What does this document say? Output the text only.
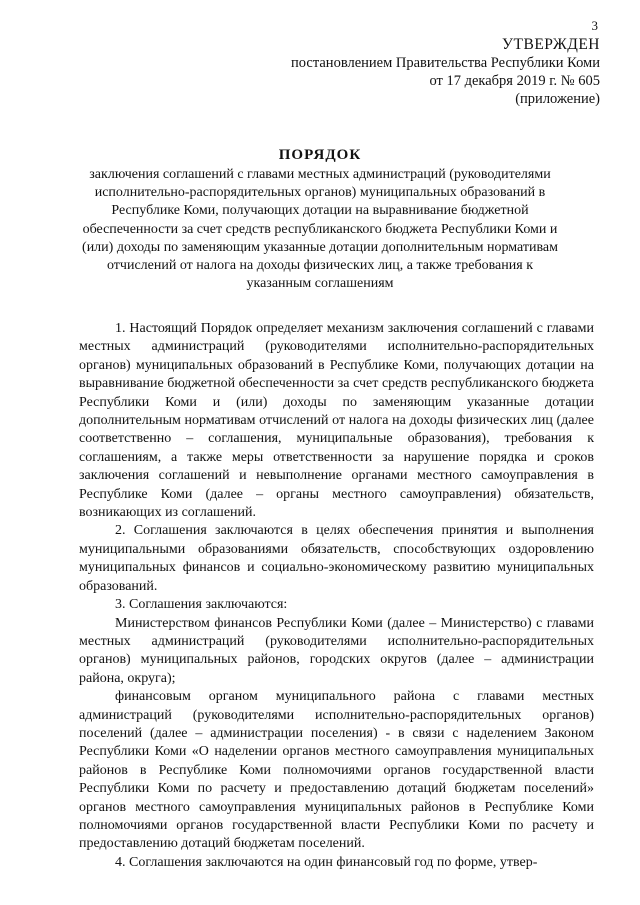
3
УТВЕРЖДЕН
постановлением Правительства Республики Коми
от 17 декабря 2019 г. № 605
(приложение)
ПОРЯДОК
заключения соглашений с главами местных администраций (руководителями исполнительно-распорядительных органов) муниципальных образований в Республике Коми, получающих дотации на выравнивание бюджетной обеспеченности за счет средств республиканского бюджета Республики Коми и (или) доходы по заменяющим указанные дотации дополнительным нормативам отчислений от налога на доходы физических лиц, а также требования к указанным соглашениям

1. Настоящий Порядок определяет механизм заключения соглашений с главами местных администраций (руководителями исполнительно-распорядительных органов) муниципальных образований в Республике Коми, получающих дотации на выравнивание бюджетной обеспеченности за счет средств республиканского бюджета Республики Коми и (или) доходы по заменяющим указанные дотации дополнительным нормативам отчислений от налога на доходы физических лиц (далее соответственно – соглашения, муниципальные образования), требования к соглашениям, а также меры ответственности за нарушение порядка и сроков заключения соглашений и невыполнение органами местного самоуправления в Республике Коми (далее – органы местного самоуправления) обязательств, возникающих из соглашений.

2. Соглашения заключаются в целях обеспечения принятия и выполнения муниципальными образованиями обязательств, способствующих оздоровлению муниципальных финансов и социально-экономическому развитию муниципальных образований.

3. Соглашения заключаются:

Министерством финансов Республики Коми (далее – Министерство) с главами местных администраций (руководителями исполнительно-распорядительных органов) муниципальных районов, городских округов (далее – администрации района, округа);

финансовым органом муниципального района с главами местных администраций (руководителями исполнительно-распорядительных органов) поселений (далее – администрации поселения) - в связи с наделением Законом Республики Коми «О наделении органов местного самоуправления муниципальных районов в Республике Коми полномочиями органов государственной власти Республики Коми по расчету и предоставлению дотаций бюджетам поселений» органов местного самоуправления муниципальных районов в Республике Коми полномочиями органов государственной власти Республики Коми по расчету и предоставлению дотаций бюджетам поселений.

4. Соглашения заключаются на один финансовый год по форме, утвер-
